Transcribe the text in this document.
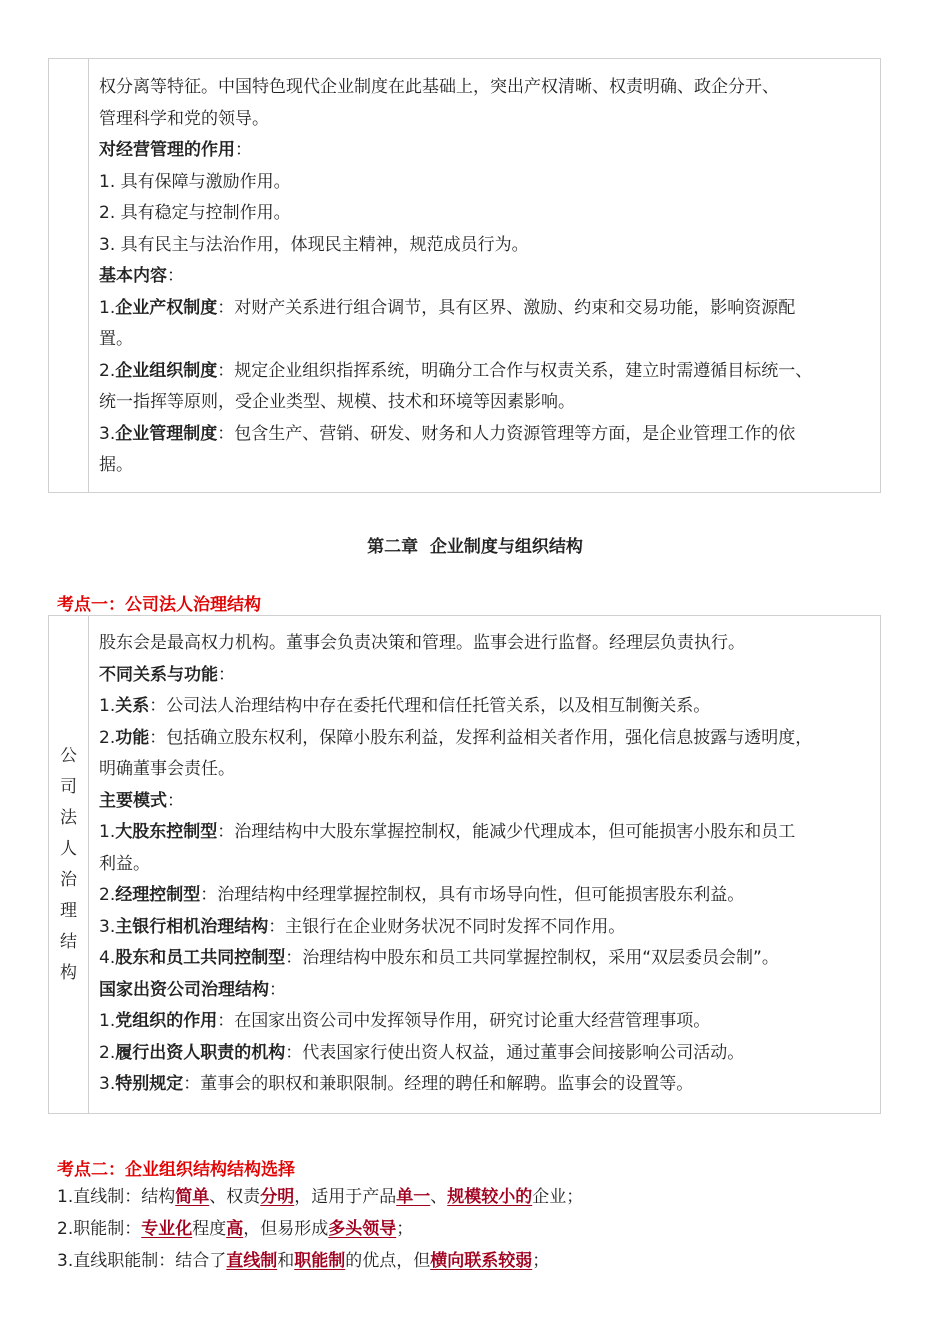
权分离等特征。中国特色现代企业制度在此基础上，突出产权清晰、权责明确、政企分开、
管理科学和党的领导。
对经营管理的作用：
1. 具有保障与激励作用。
2. 具有稳定与控制作用。
3. 具有民主与法治作用，体现民主精神，规范成员行为。
基本内容：
1.企业产权制度：对财产关系进行组合调节，具有区界、激励、约束和交易功能，影响资源配
置。
2.企业组织制度：规定企业组织指挥系统，明确分工合作与权责关系，建立时需遵循目标统一、
统一指挥等原则，受企业类型、规模、技术和环境等因素影响。
3.企业管理制度：包含生产、营销、研发、财务和人力资源管理等方面，是企业管理工作的依
据。
第二章  企业制度与组织结构
考点一：公司法人治理结构
公
司
法
人
治
理
结
构
股东会是最高权力机构。董事会负责决策和管理。监事会进行监督。经理层负责执行。
不同关系与功能：
1.关系：公司法人治理结构中存在委托代理和信任托管关系，以及相互制衡关系。
2.功能：包括确立股东权利，保障小股东利益，发挥利益相关者作用，强化信息披露与透明度，
明确董事会责任。
主要模式：
1.大股东控制型：治理结构中大股东掌握控制权，能减少代理成本，但可能损害小股东和员工
利益。
2.经理控制型：治理结构中经理掌握控制权，具有市场导向性，但可能损害股东利益。
3.主银行相机治理结构：主银行在企业财务状况不同时发挥不同作用。
4.股东和员工共同控制型：治理结构中股东和员工共同掌握控制权，采用“双层委员会制”。
国家出资公司治理结构：
1.党组织的作用：在国家出资公司中发挥领导作用，研究讨论重大经营管理事项。
2.履行出资人职责的机构：代表国家行使出资人权益，通过董事会间接影响公司活动。
3.特别规定：董事会的职权和兼职限制。经理的聘任和解聘。监事会的设置等。
考点二：企业组织结构结构选择
1.直线制：结构简单、权责分明，适用于产品单一、规模较小的企业；
2.职能制：专业化程度高，但易形成多头领导；
3.直线职能制：结合了直线制和职能制的优点，但横向联系较弱；
